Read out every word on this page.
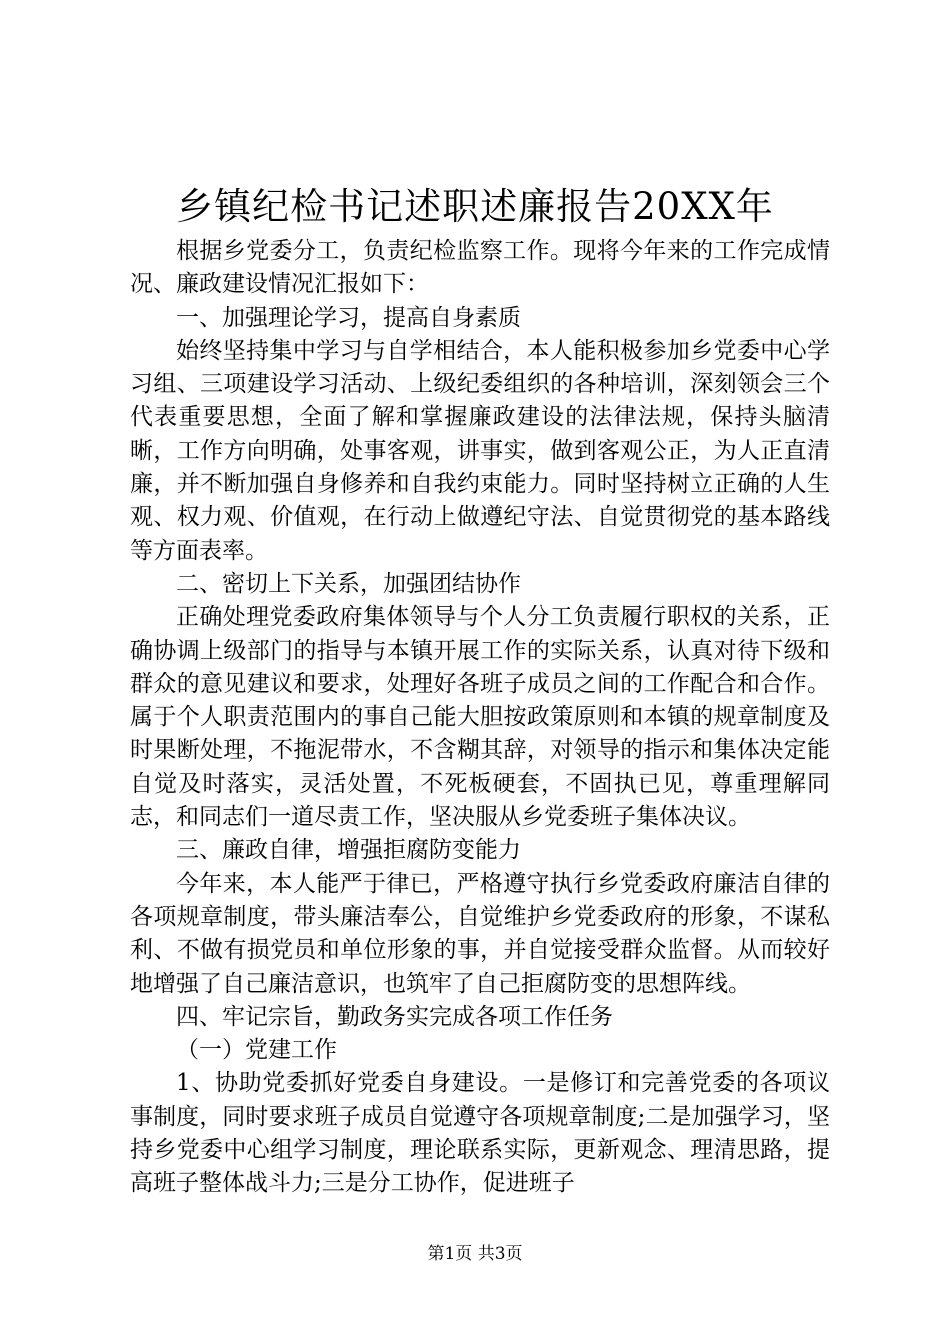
乡镇纪检书记述职述廉报告20XX年

根据乡党委分工，负责纪检监察工作。现将今年来的工作完成情况、廉政建设情况汇报如下：

一、加强理论学习，提高自身素质

始终坚持集中学习与自学相结合，本人能积极参加乡党委中心学习组、三项建设学习活动、上级纪委组织的各种培训，深刻领会三个代表重要思想，全面了解和掌握廉政建设的法律法规，保持头脑清晰，工作方向明确，处事客观，讲事实，做到客观公正，为人正直清廉，并不断加强自身修养和自我约束能力。同时坚持树立正确的人生观、权力观、价值观，在行动上做遵纪守法、自觉贯彻党的基本路线等方面表率。

二、密切上下关系，加强团结协作

正确处理党委政府集体领导与个人分工负责履行职权的关系，正确协调上级部门的指导与本镇开展工作的实际关系，认真对待下级和群众的意见建议和要求，处理好各班子成员之间的工作配合和合作。属于个人职责范围内的事自己能大胆按政策原则和本镇的规章制度及时果断处理，不拖泥带水，不含糊其辞，对领导的指示和集体决定能自觉及时落实，灵活处置，不死板硬套，不固执已见，尊重理解同志，和同志们一道尽责工作，坚决服从乡党委班子集体决议。

三、廉政自律，增强拒腐防变能力

今年来，本人能严于律已，严格遵守执行乡党委政府廉洁自律的各项规章制度，带头廉洁奉公，自觉维护乡党委政府的形象，不谋私利、不做有损党员和单位形象的事，并自觉接受群众监督。从而较好地增强了自己廉洁意识，也筑牢了自己拒腐防变的思想阵线。

四、牢记宗旨，勤政务实完成各项工作任务

（一）党建工作

1、协助党委抓好党委自身建设。一是修订和完善党委的各项议事制度，同时要求班子成员自觉遵守各项规章制度;二是加强学习，坚持乡党委中心组学习制度，理论联系实际，更新观念、理清思路，提高班子整体战斗力;三是分工协作，促进班子

第1页 共3页
